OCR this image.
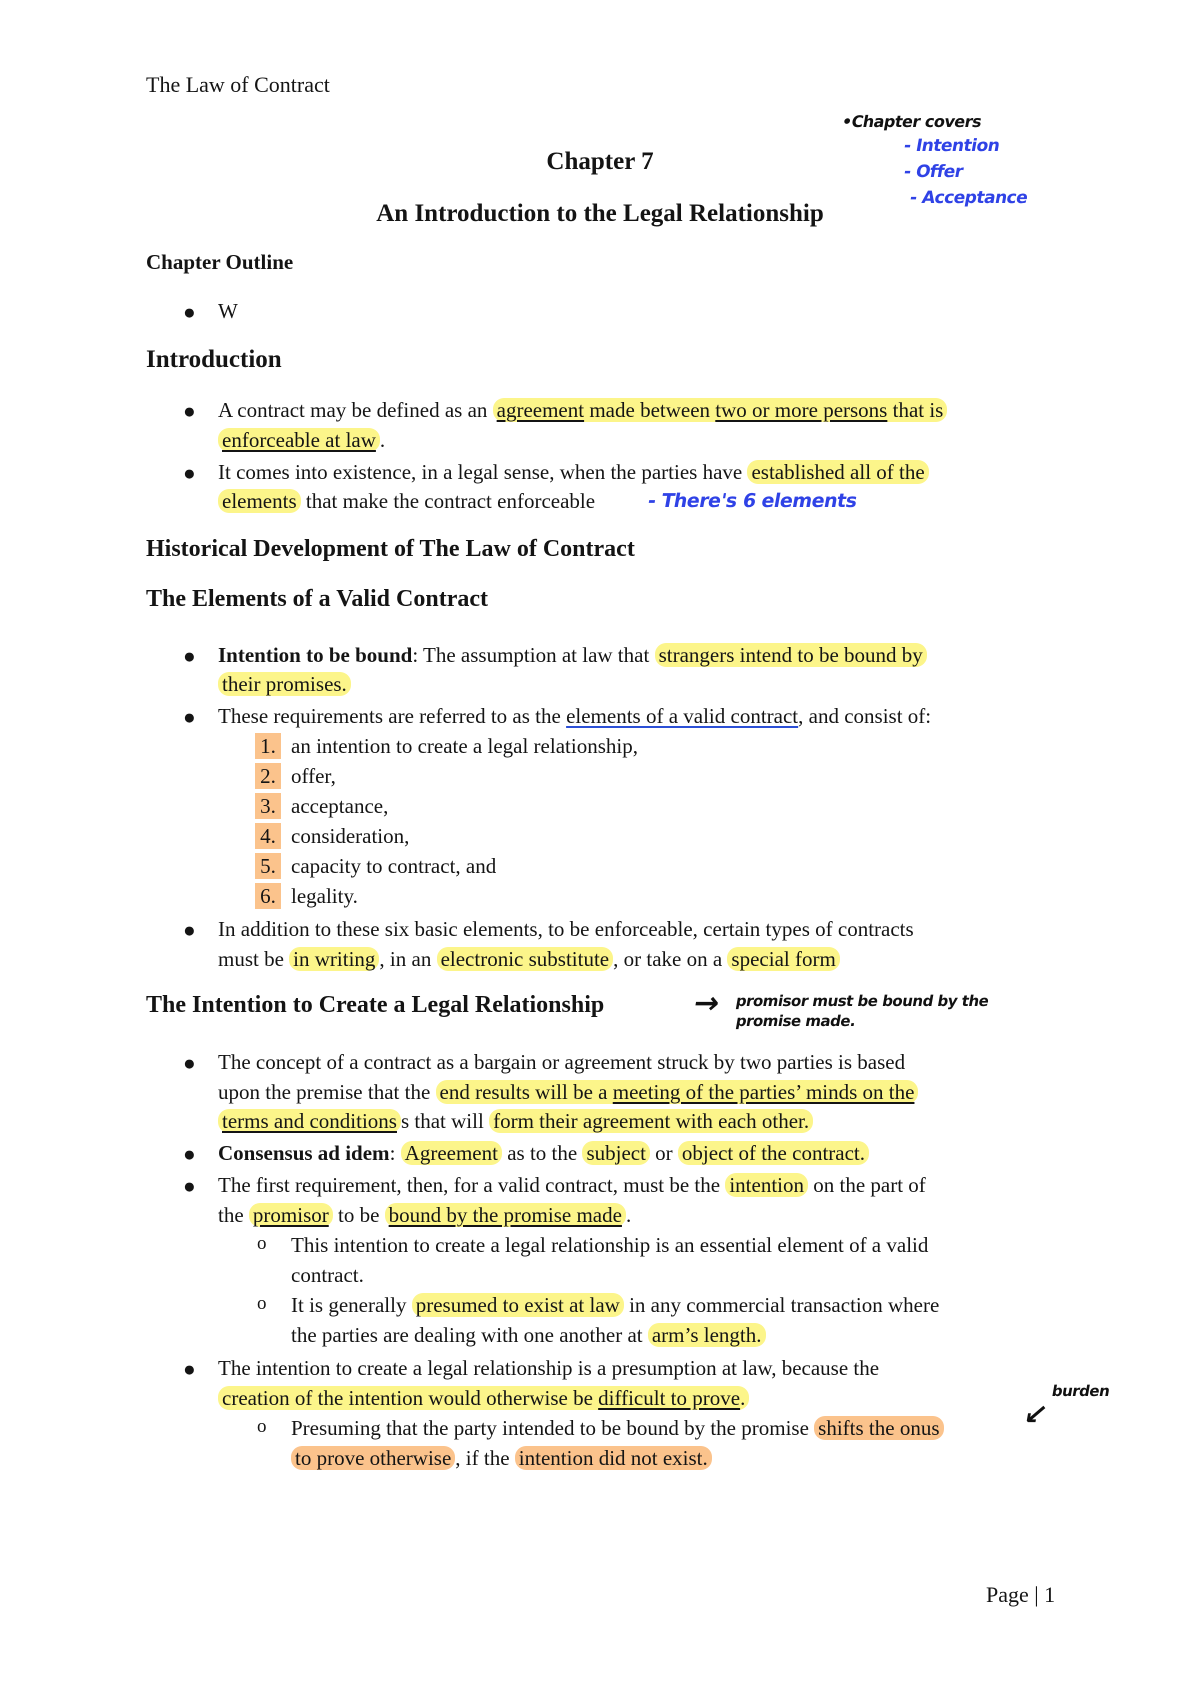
The Law of Contract
•Chapter covers
- Intention
- Offer
- Acceptance
Chapter 7
An Introduction to the Legal Relationship
Chapter Outline
● W
Introduction
● A contract may be defined as an agreement made between two or more persons that is
enforceable at law .
● It comes into existence, in a legal sense, when the parties have established all of the
elements that make the contract enforceable	- There's 6 elements
Historical Development of The Law of Contract
The Elements of a Valid Contract
● Intention to be bound: The assumption at law that strangers intend to be bound by
their promises.
● These requirements are referred to as the elements of a valid contract, and consist of:
1. an intention to create a legal relationship,
2. offer,
3. acceptance,
4. consideration,
5. capacity to contract, and
6. legality.
● In addition to these six basic elements, to be enforceable, certain types of contracts
must be in writing , in an electronic substitute , or take on a special form
The Intention to Create a Legal Relationship	→ promisor must be bound by the
promise made.
● The concept of a contract as a bargain or agreement struck by two parties is based
upon the premise that the end results will be a meeting of the parties’ minds on the
terms and conditions s that will form their agreement with each other.
● Consensus ad idem: Agreement as to the subject or object of the contract.
● The first requirement, then, for a valid contract, must be the intention on the part of
the promisor to be bound by the promise made .
o This intention to create a legal relationship is an essential element of a valid
contract.
o It is generally presumed to exist at law in any commercial transaction where
the parties are dealing with one another at arm’s length.
● The intention to create a legal relationship is a presumption at law, because the
creation of the intention would otherwise be difficult to prove.	burden
↙
o Presuming that the party intended to be bound by the promise shifts the onus
to prove otherwise , if the intention did not exist.
Page | 1
